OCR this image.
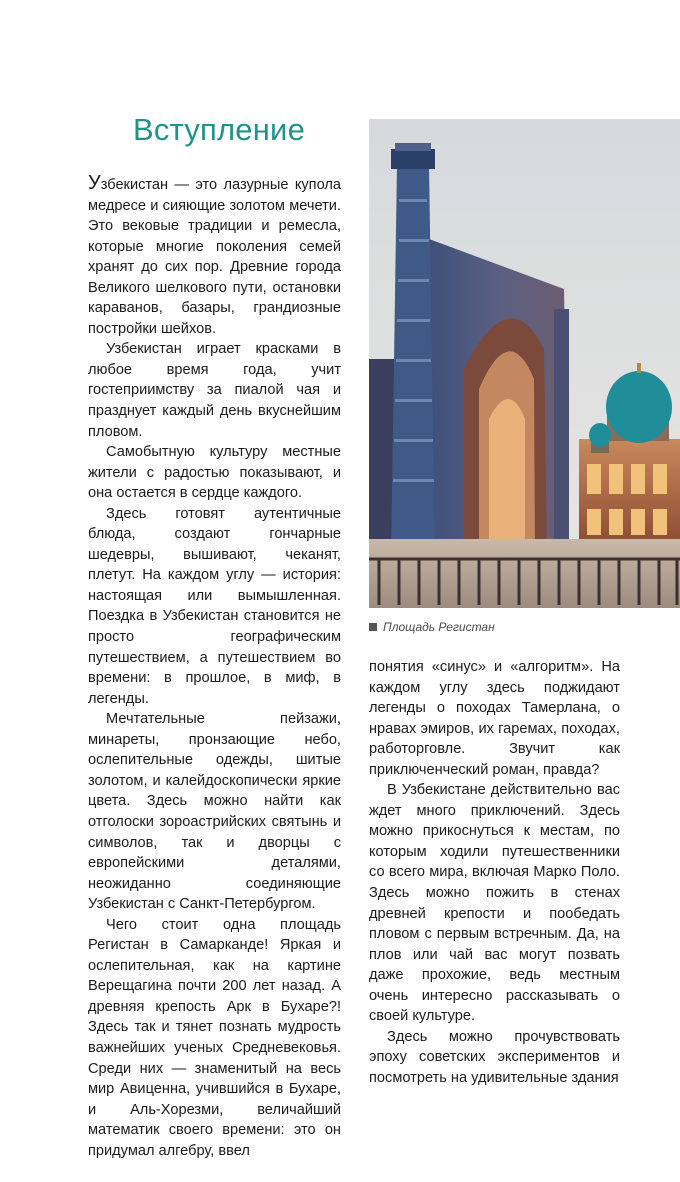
Вступление

Узбекистан — это лазурные купола медресе и сияющие золотом мечети. Это вековые традиции и ремесла, которые многие поколения семей хранят до сих пор. Древние города Великого шелкового пути, остановки караванов, базары, грандиозные постройки шейхов.

Узбекистан играет красками в любое время года, учит гостеприимству за пиалой чая и празднует каждый день вкуснейшим пловом.

Самобытную культуру местные жители с радостью показывают, и она остается в сердце каждого.

Здесь готовят аутентичные блюда, создают гончарные шедевры, вышивают, чеканят, плетут. На каждом углу — история: настоящая или вымышленная. Поездка в Узбекистан становится не просто географическим путешествием, а путешествием во времени: в прошлое, в миф, в легенды.

Мечтательные пейзажи, минареты, пронзающие небо, ослепительные одежды, шитые золотом, и калейдоскопически яркие цвета. Здесь можно найти как отголоски зороастрийских святынь и символов, так и дворцы с европейскими деталями, неожиданно соединяющие Узбекистан с Санкт-Петербургом.

Чего стоит одна площадь Регистан в Самарканде! Яркая и ослепительная, как на картине Верещагина почти 200 лет назад. А древняя крепость Арк в Бухаре?! Здесь так и тянет познать мудрость важнейших ученых Средневековья. Среди них — знаменитый на весь мир Авиценна, учившийся в Бухаре, и Аль-Хорезми, величайший математик своего времени: это он придумал алгебру, ввел

Площадь Регистан

понятия «синус» и «алгоритм». На каждом углу здесь поджидают легенды о походах Тамерлана, о нравах эмиров, их гаремах, походах, работорговле. Звучит как приключенческий роман, правда?

В Узбекистане действительно вас ждет много приключений. Здесь можно прикоснуться к местам, по которым ходили путешественники со всего мира, включая Марко Поло. Здесь можно пожить в стенах древней крепости и пообедать пловом с первым встречным. Да, на плов или чай вас могут позвать даже прохожие, ведь местным очень интересно рассказывать о своей культуре.

Здесь можно прочувствовать эпоху советских экспериментов и посмотреть на удивительные здания
